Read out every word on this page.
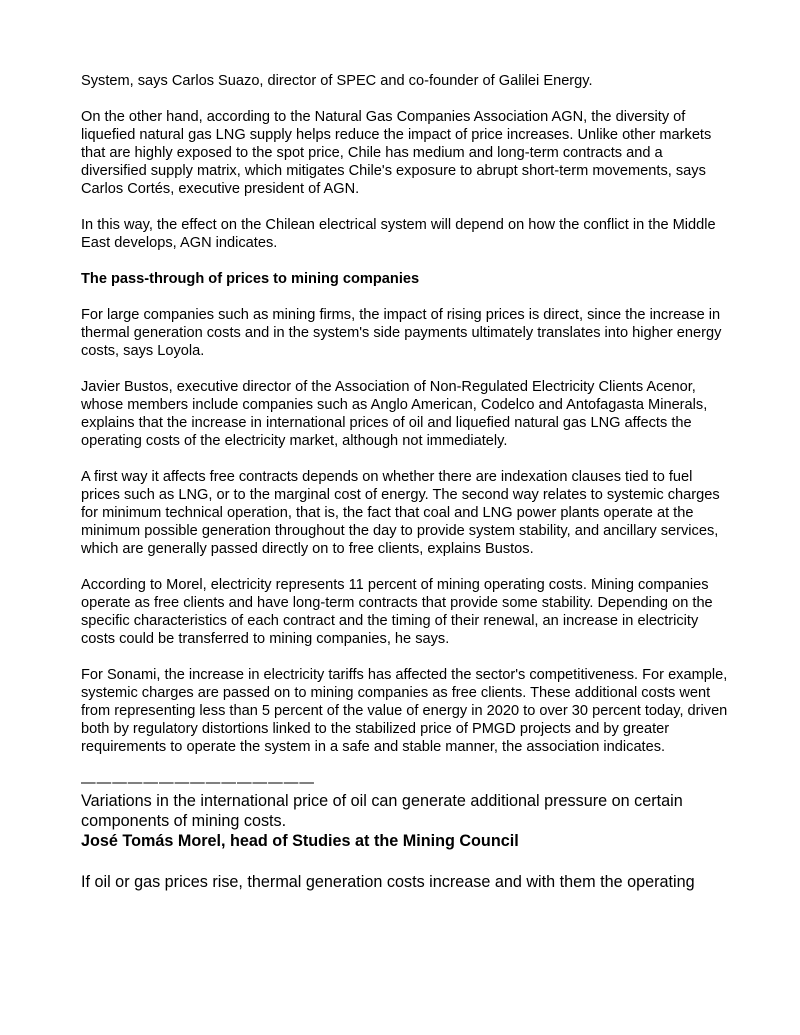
System, says Carlos Suazo, director of SPEC and co-founder of Galilei Energy.

On the other hand, according to the Natural Gas Companies Association AGN, the diversity of liquefied natural gas LNG supply helps reduce the impact of price increases. Unlike other markets that are highly exposed to the spot price, Chile has medium and long-term contracts and a diversified supply matrix, which mitigates Chile's exposure to abrupt short-term movements, says Carlos Cortés, executive president of AGN.

In this way, the effect on the Chilean electrical system will depend on how the conflict in the Middle East develops, AGN indicates.

The pass-through of prices to mining companies

For large companies such as mining firms, the impact of rising prices is direct, since the increase in thermal generation costs and in the system's side payments ultimately translates into higher energy costs, says Loyola.

Javier Bustos, executive director of the Association of Non-Regulated Electricity Clients Acenor, whose members include companies such as Anglo American, Codelco and Antofagasta Minerals, explains that the increase in international prices of oil and liquefied natural gas LNG affects the operating costs of the electricity market, although not immediately.

A first way it affects free contracts depends on whether there are indexation clauses tied to fuel prices such as LNG, or to the marginal cost of energy. The second way relates to systemic charges for minimum technical operation, that is, the fact that coal and LNG power plants operate at the minimum possible generation throughout the day to provide system stability, and ancillary services, which are generally passed directly on to free clients, explains Bustos.

According to Morel, electricity represents 11 percent of mining operating costs. Mining companies operate as free clients and have long-term contracts that provide some stability. Depending on the specific characteristics of each contract and the timing of their renewal, an increase in electricity costs could be transferred to mining companies, he says.

For Sonami, the increase in electricity tariffs has affected the sector's competitiveness. For example, systemic charges are passed on to mining companies as free clients. These additional costs went from representing less than 5 percent of the value of energy in 2020 to over 30 percent today, driven both by regulatory distortions linked to the stabilized price of PMGD projects and by greater requirements to operate the system in a safe and stable manner, the association indicates.

———————————————

Variations in the international price of oil can generate additional pressure on certain components of mining costs.

José Tomás Morel, head of Studies at the Mining Council

If oil or gas prices rise, thermal generation costs increase and with them the operating
